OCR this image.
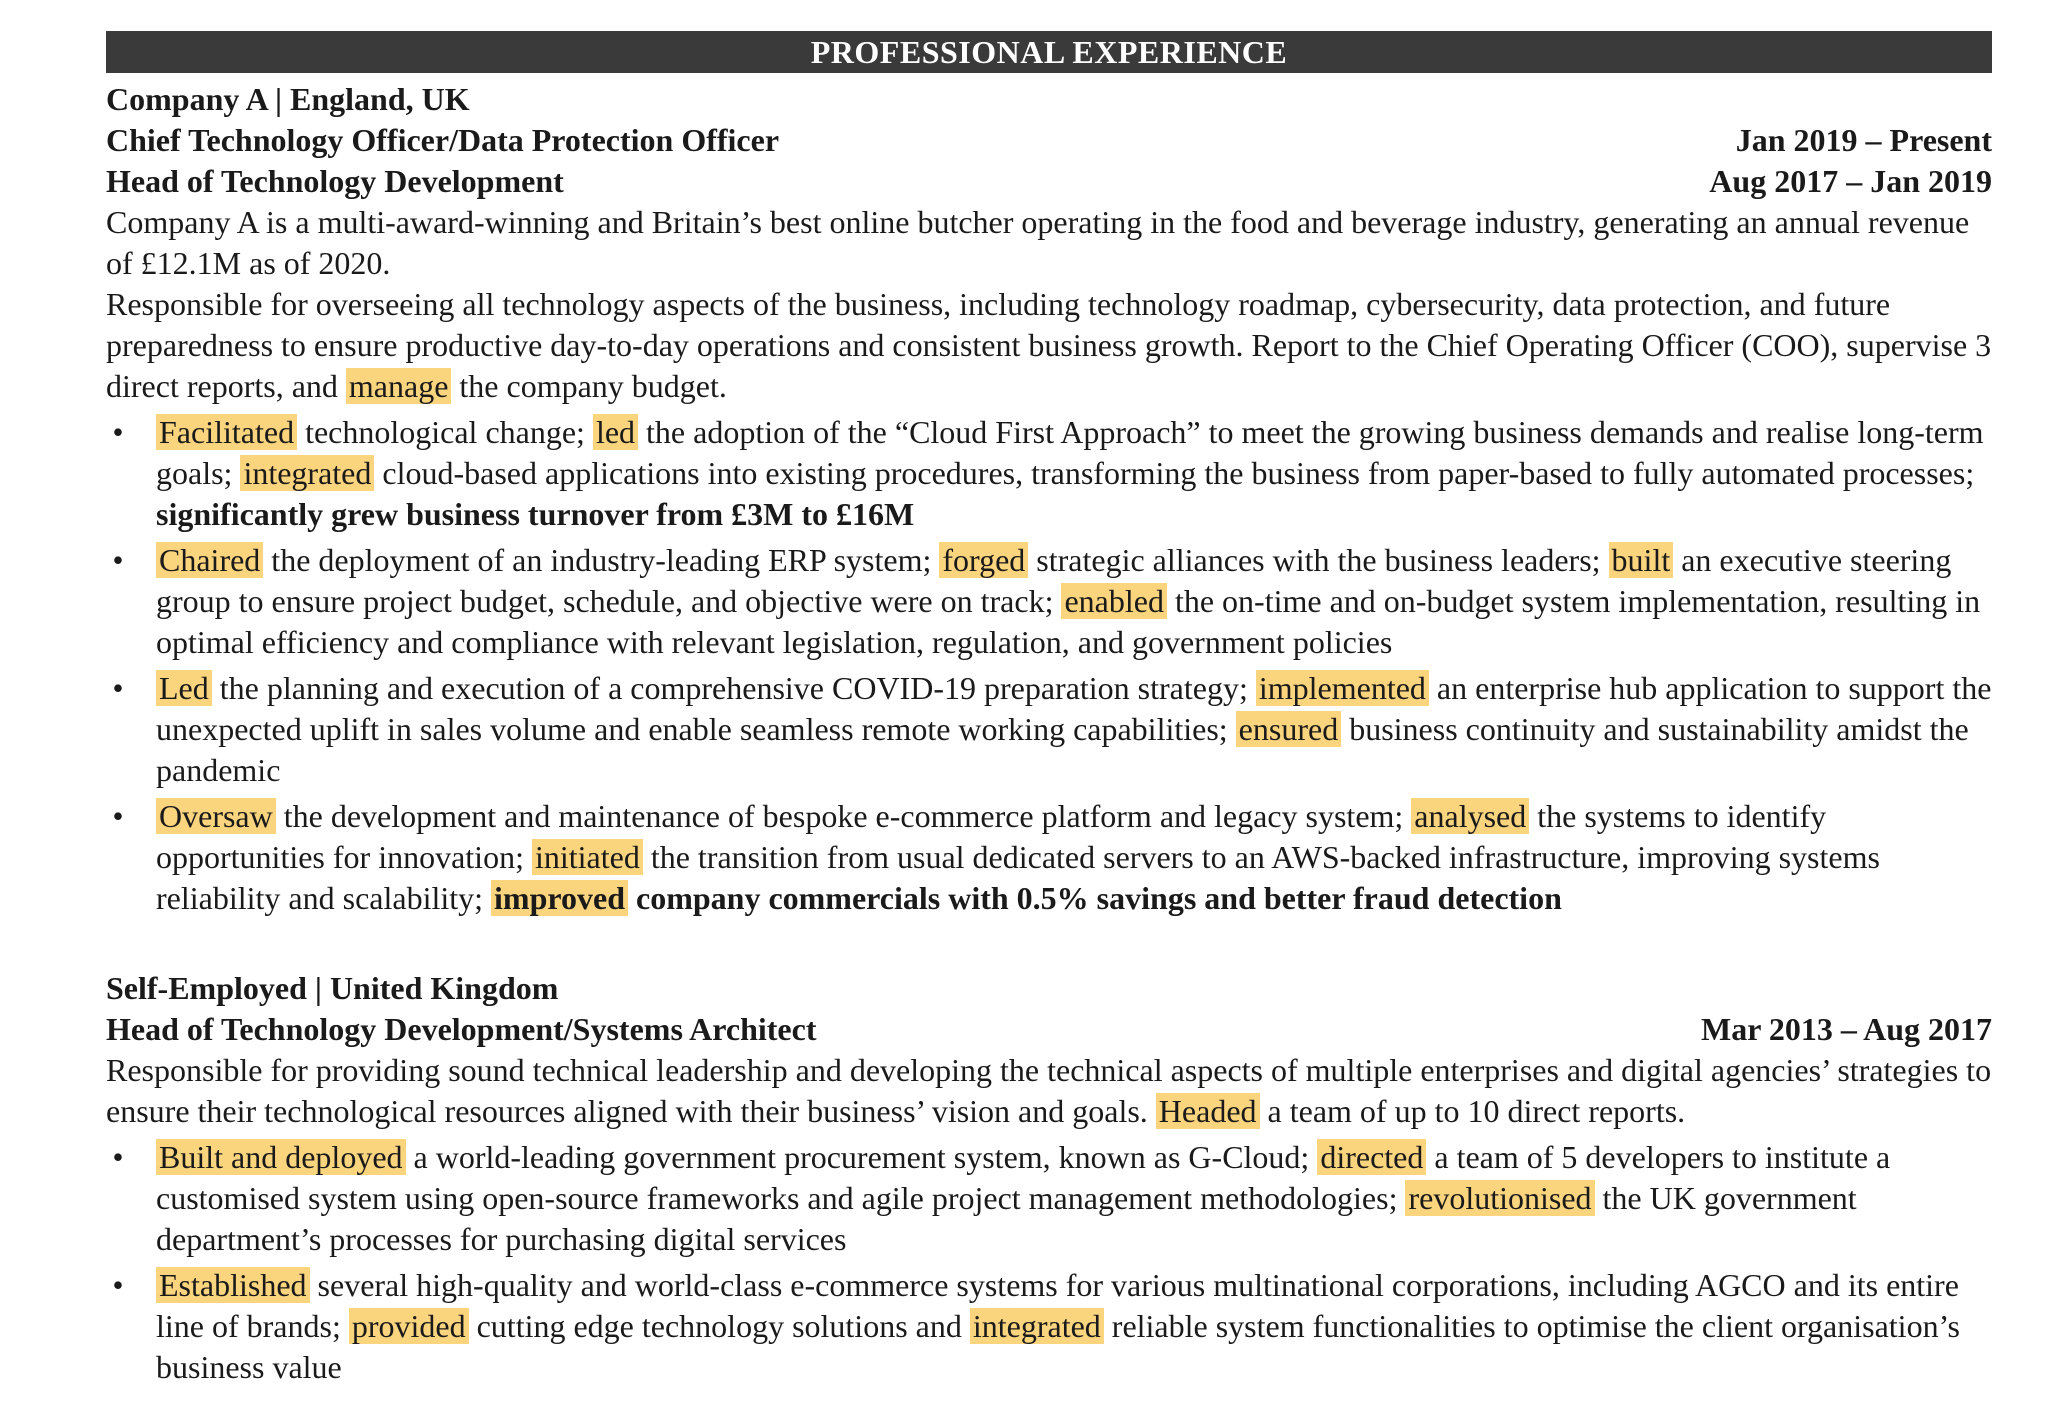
PROFESSIONAL EXPERIENCE
Company A | England, UK
Chief Technology Officer/Data Protection Officer	Jan 2019 – Present
Head of Technology Development	Aug 2017 – Jan 2019
Company A is a multi-award-winning and Britain’s best online butcher operating in the food and beverage industry, generating an annual revenue of £12.1M as of 2020.
Responsible for overseeing all technology aspects of the business, including technology roadmap, cybersecurity, data protection, and future preparedness to ensure productive day-to-day operations and consistent business growth. Report to the Chief Operating Officer (COO), supervise 3 direct reports, and manage the company budget.
• Facilitated technological change; led the adoption of the “Cloud First Approach” to meet the growing business demands and realise long-term goals; integrated cloud-based applications into existing procedures, transforming the business from paper-based to fully automated processes; significantly grew business turnover from £3M to £16M
• Chaired the deployment of an industry-leading ERP system; forged strategic alliances with the business leaders; built an executive steering group to ensure project budget, schedule, and objective were on track; enabled the on-time and on-budget system implementation, resulting in optimal efficiency and compliance with relevant legislation, regulation, and government policies
• Led the planning and execution of a comprehensive COVID-19 preparation strategy; implemented an enterprise hub application to support the unexpected uplift in sales volume and enable seamless remote working capabilities; ensured business continuity and sustainability amidst the pandemic
• Oversaw the development and maintenance of bespoke e-commerce platform and legacy system; analysed the systems to identify opportunities for innovation; initiated the transition from usual dedicated servers to an AWS-backed infrastructure, improving systems reliability and scalability; improved company commercials with 0.5% savings and better fraud detection
Self-Employed | United Kingdom
Head of Technology Development/Systems Architect	Mar 2013 – Aug 2017
Responsible for providing sound technical leadership and developing the technical aspects of multiple enterprises and digital agencies’ strategies to ensure their technological resources aligned with their business’ vision and goals. Headed a team of up to 10 direct reports.
• Built and deployed a world-leading government procurement system, known as G-Cloud; directed a team of 5 developers to institute a customised system using open-source frameworks and agile project management methodologies; revolutionised the UK government department’s processes for purchasing digital services
• Established several high-quality and world-class e-commerce systems for various multinational corporations, including AGCO and its entire line of brands; provided cutting edge technology solutions and integrated reliable system functionalities to optimise the client organisation’s business value
